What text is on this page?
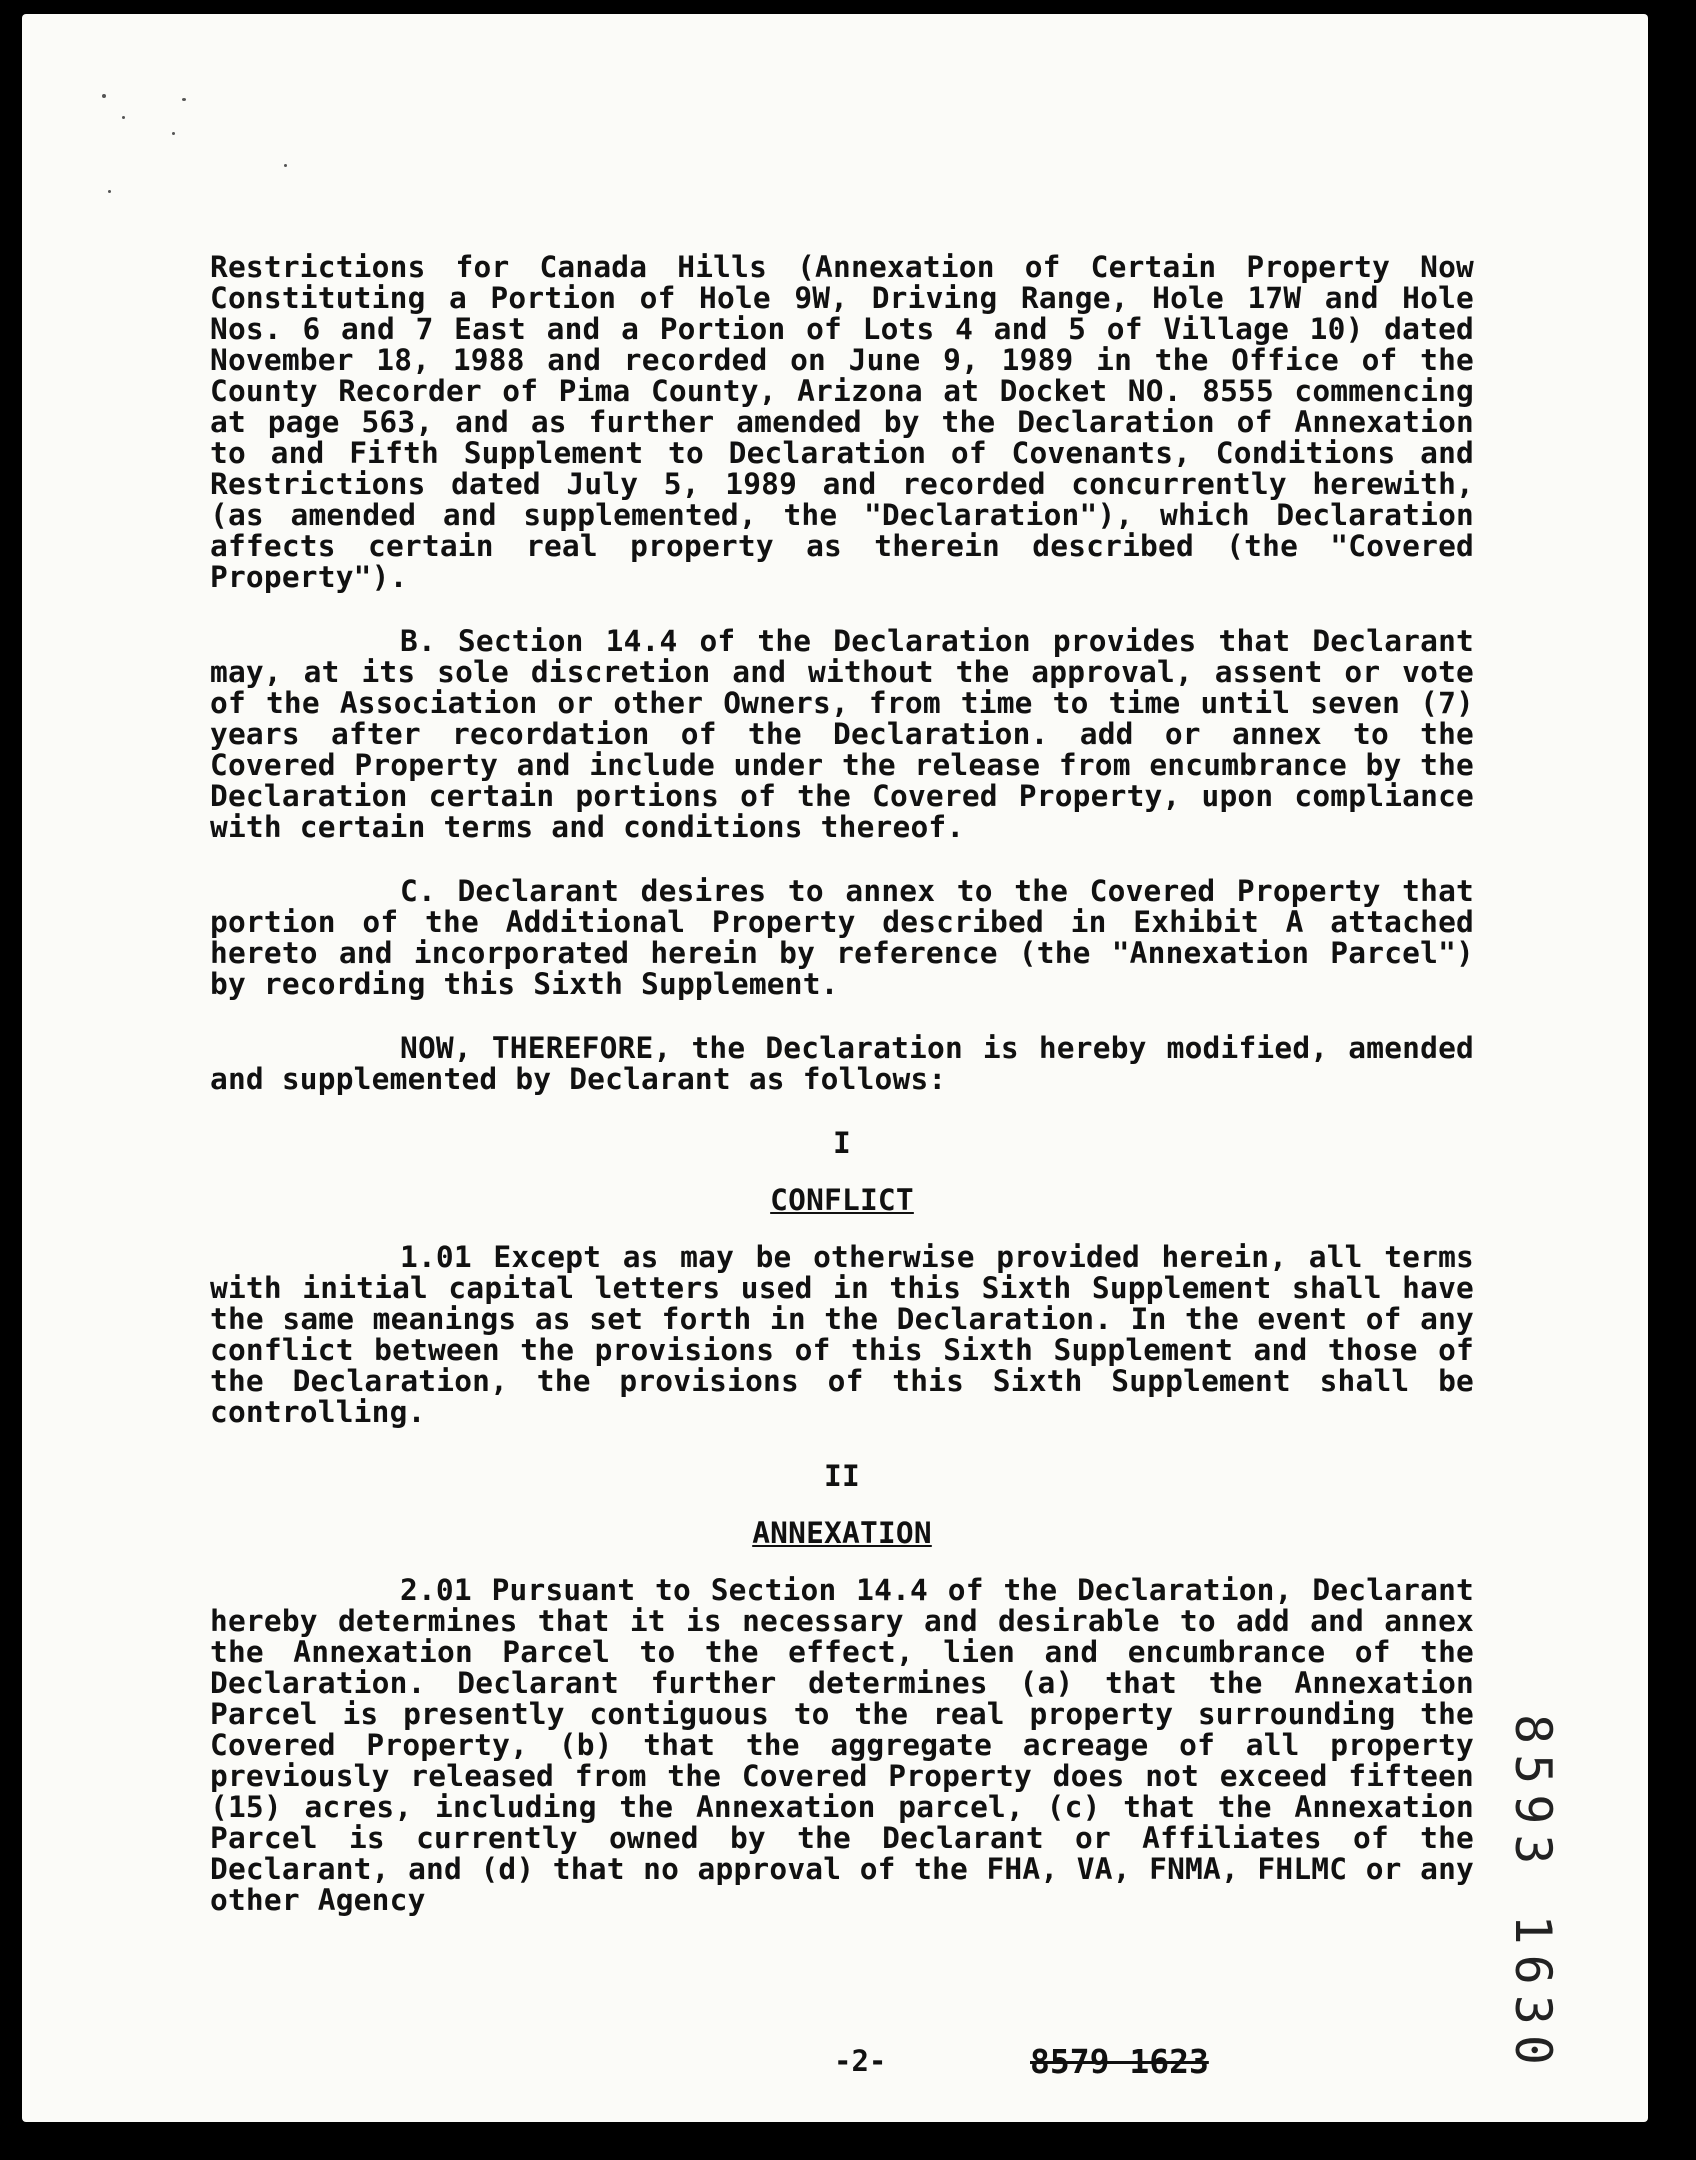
Restrictions for Canada Hills (Annexation of Certain Property Now Constituting a Portion of Hole 9W, Driving Range, Hole 17W and Hole Nos. 6 and 7 East and a Portion of Lots 4 and 5 of Village 10) dated November 18, 1988 and recorded on June 9, 1989 in the Office of the County Recorder of Pima County, Arizona at Docket NO. 8555 commencing at page 563, and as further amended by the Declaration of Annexation to and Fifth Supplement to Declaration of Covenants, Conditions and Restrictions dated July 5, 1989 and recorded concurrently herewith, (as amended and supplemented, the "Declaration"), which Declaration affects certain real property as therein described (the "Covered Property").

B. Section 14.4 of the Declaration provides that Declarant may, at its sole discretion and without the approval, assent or vote of the Association or other Owners, from time to time until seven (7) years after recordation of the Declaration. add or annex to the Covered Property and include under the release from encumbrance by the Declaration certain portions of the Covered Property, upon compliance with certain terms and conditions thereof.

C. Declarant desires to annex to the Covered Property that portion of the Additional Property described in Exhibit A attached hereto and incorporated herein by reference (the "Annexation Parcel") by recording this Sixth Supplement.

NOW, THEREFORE, the Declaration is hereby modified, amended and supplemented by Declarant as follows:

I
CONFLICT

1.01 Except as may be otherwise provided herein, all terms with initial capital letters used in this Sixth Supplement shall have the same meanings as set forth in the Declaration. In the event of any conflict between the provisions of this Sixth Supplement and those of the Declaration, the provisions of this Sixth Supplement shall be controlling.

II
ANNEXATION

2.01 Pursuant to Section 14.4 of the Declaration, Declarant hereby determines that it is necessary and desirable to add and annex the Annexation Parcel to the effect, lien and encumbrance of the Declaration. Declarant further determines (a) that the Annexation Parcel is presently contiguous to the real property surrounding the Covered Property, (b) that the aggregate acreage of all property previously released from the Covered Property does not exceed fifteen (15) acres, including the Annexation parcel, (c) that the Annexation Parcel is currently owned by the Declarant or Affiliates of the Declarant, and (d) that no approval of the FHA, VA, FNMA, FHLMC or any other Agency

-2-	8579 1623	8593 1630
